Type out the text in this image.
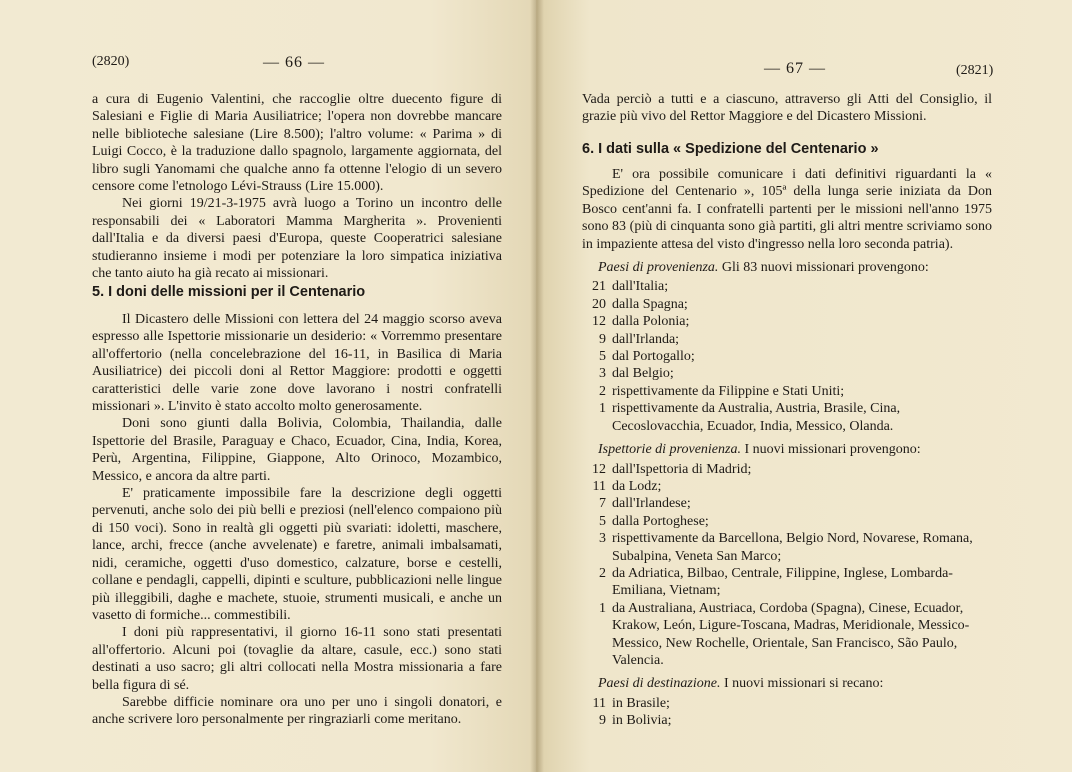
(2820)	— 66 —

a cura di Eugenio Valentini, che raccoglie oltre duecento figure di Salesiani e Figlie di Maria Ausiliatrice; l'opera non dovrebbe mancare nelle biblioteche salesiane (Lire 8.500); l'altro volume: « Parima » di Luigi Cocco, è la traduzione dallo spagnolo, largamente aggiornata, del libro sugli Yanomami che qualche anno fa ottenne l'elogio di un severo censore come l'etnologo Lévi-Strauss (Lire 15.000).

Nei giorni 19/21-3-1975 avrà luogo a Torino un incontro delle responsabili dei « Laboratori Mamma Margherita ». Provenienti dall'Italia e da diversi paesi d'Europa, queste Cooperatrici salesiane studieranno insieme i modi per potenziare la loro simpatica iniziativa che tanto aiuto ha già recato ai missionari.

5. I doni delle missioni per il Centenario

Il Dicastero delle Missioni con lettera del 24 maggio scorso aveva espresso alle Ispettorie missionarie un desiderio: « Vorremmo presentare all'offertorio (nella concelebrazione del 16-11, in Basilica di Maria Ausiliatrice) dei piccoli doni al Rettor Maggiore: prodotti e oggetti caratteristici delle varie zone dove lavorano i nostri confratelli missionari ». L'invito è stato accolto molto generosamente.

Doni sono giunti dalla Bolivia, Colombia, Thailandia, dalle Ispettorie del Brasile, Paraguay e Chaco, Ecuador, Cina, India, Korea, Perù, Argentina, Filippine, Giappone, Alto Orinoco, Mozambico, Messico, e ancora da altre parti.

E' praticamente impossibile fare la descrizione degli oggetti pervenuti, anche solo dei più belli e preziosi (nell'elenco compaiono più di 150 voci). Sono in realtà gli oggetti più svariati: idoletti, maschere, lance, archi, frecce (anche avvelenate) e faretre, animali imbalsamati, nidi, ceramiche, oggetti d'uso domestico, calzature, borse e cestelli, collane e pendagli, cappelli, dipinti e sculture, pubblicazioni nelle lingue più illeggibili, daghe e machete, stuoie, strumenti musicali, e anche un vasetto di formiche... commestibili.

I doni più rappresentativi, il giorno 16-11 sono stati presentati all'offertorio. Alcuni poi (tovaglie da altare, casule, ecc.) sono stati destinati a uso sacro; gli altri collocati nella Mostra missionaria a fare bella figura di sé.

Sarebbe difficie nominare ora uno per uno i singoli donatori, e anche scrivere loro personalmente per ringraziarli come meritano.

— 67 —	(2821)

Vada perciò a tutti e a ciascuno, attraverso gli Atti del Consiglio, il grazie più vivo del Rettor Maggiore e del Dicastero Missioni.

6. I dati sulla « Spedizione del Centenario »

E' ora possibile comunicare i dati definitivi riguardanti la « Spedizione del Centenario », 105ª della lunga serie iniziata da Don Bosco cent'anni fa. I confratelli partenti per le missioni nell'anno 1975 sono 83 (più di cinquanta sono già partiti, gli altri mentre scriviamo sono in impaziente attesa del visto d'ingresso nella loro seconda patria).

Paesi di provenienza. Gli 83 nuovi missionari provengono:

21 dall'Italia;
20 dalla Spagna;
12 dalla Polonia;
9 dall'Irlanda;
5 dal Portogallo;
3 dal Belgio;
2 rispettivamente da Filippine e Stati Uniti;
1 rispettivamente da Australia, Austria, Brasile, Cina, Cecoslovacchia, Ecuador, India, Messico, Olanda.

Ispettorie di provenienza. I nuovi missionari provengono:

12 dall'Ispettoria di Madrid;
11 da Lodz;
7 dall'Irlandese;
5 dalla Portoghese;
3 rispettivamente da Barcellona, Belgio Nord, Novarese, Romana, Subalpina, Veneta San Marco;
2 da Adriatica, Bilbao, Centrale, Filippine, Inglese, Lombarda-Emiliana, Vietnam;
1 da Australiana, Austriaca, Cordoba (Spagna), Cinese, Ecuador, Krakow, León, Ligure-Toscana, Madras, Meridionale, Messico-Messico, New Rochelle, Orientale, San Francisco, São Paulo, Valencia.

Paesi di destinazione. I nuovi missionari si recano:

11 in Brasile;
9 in Bolivia;
